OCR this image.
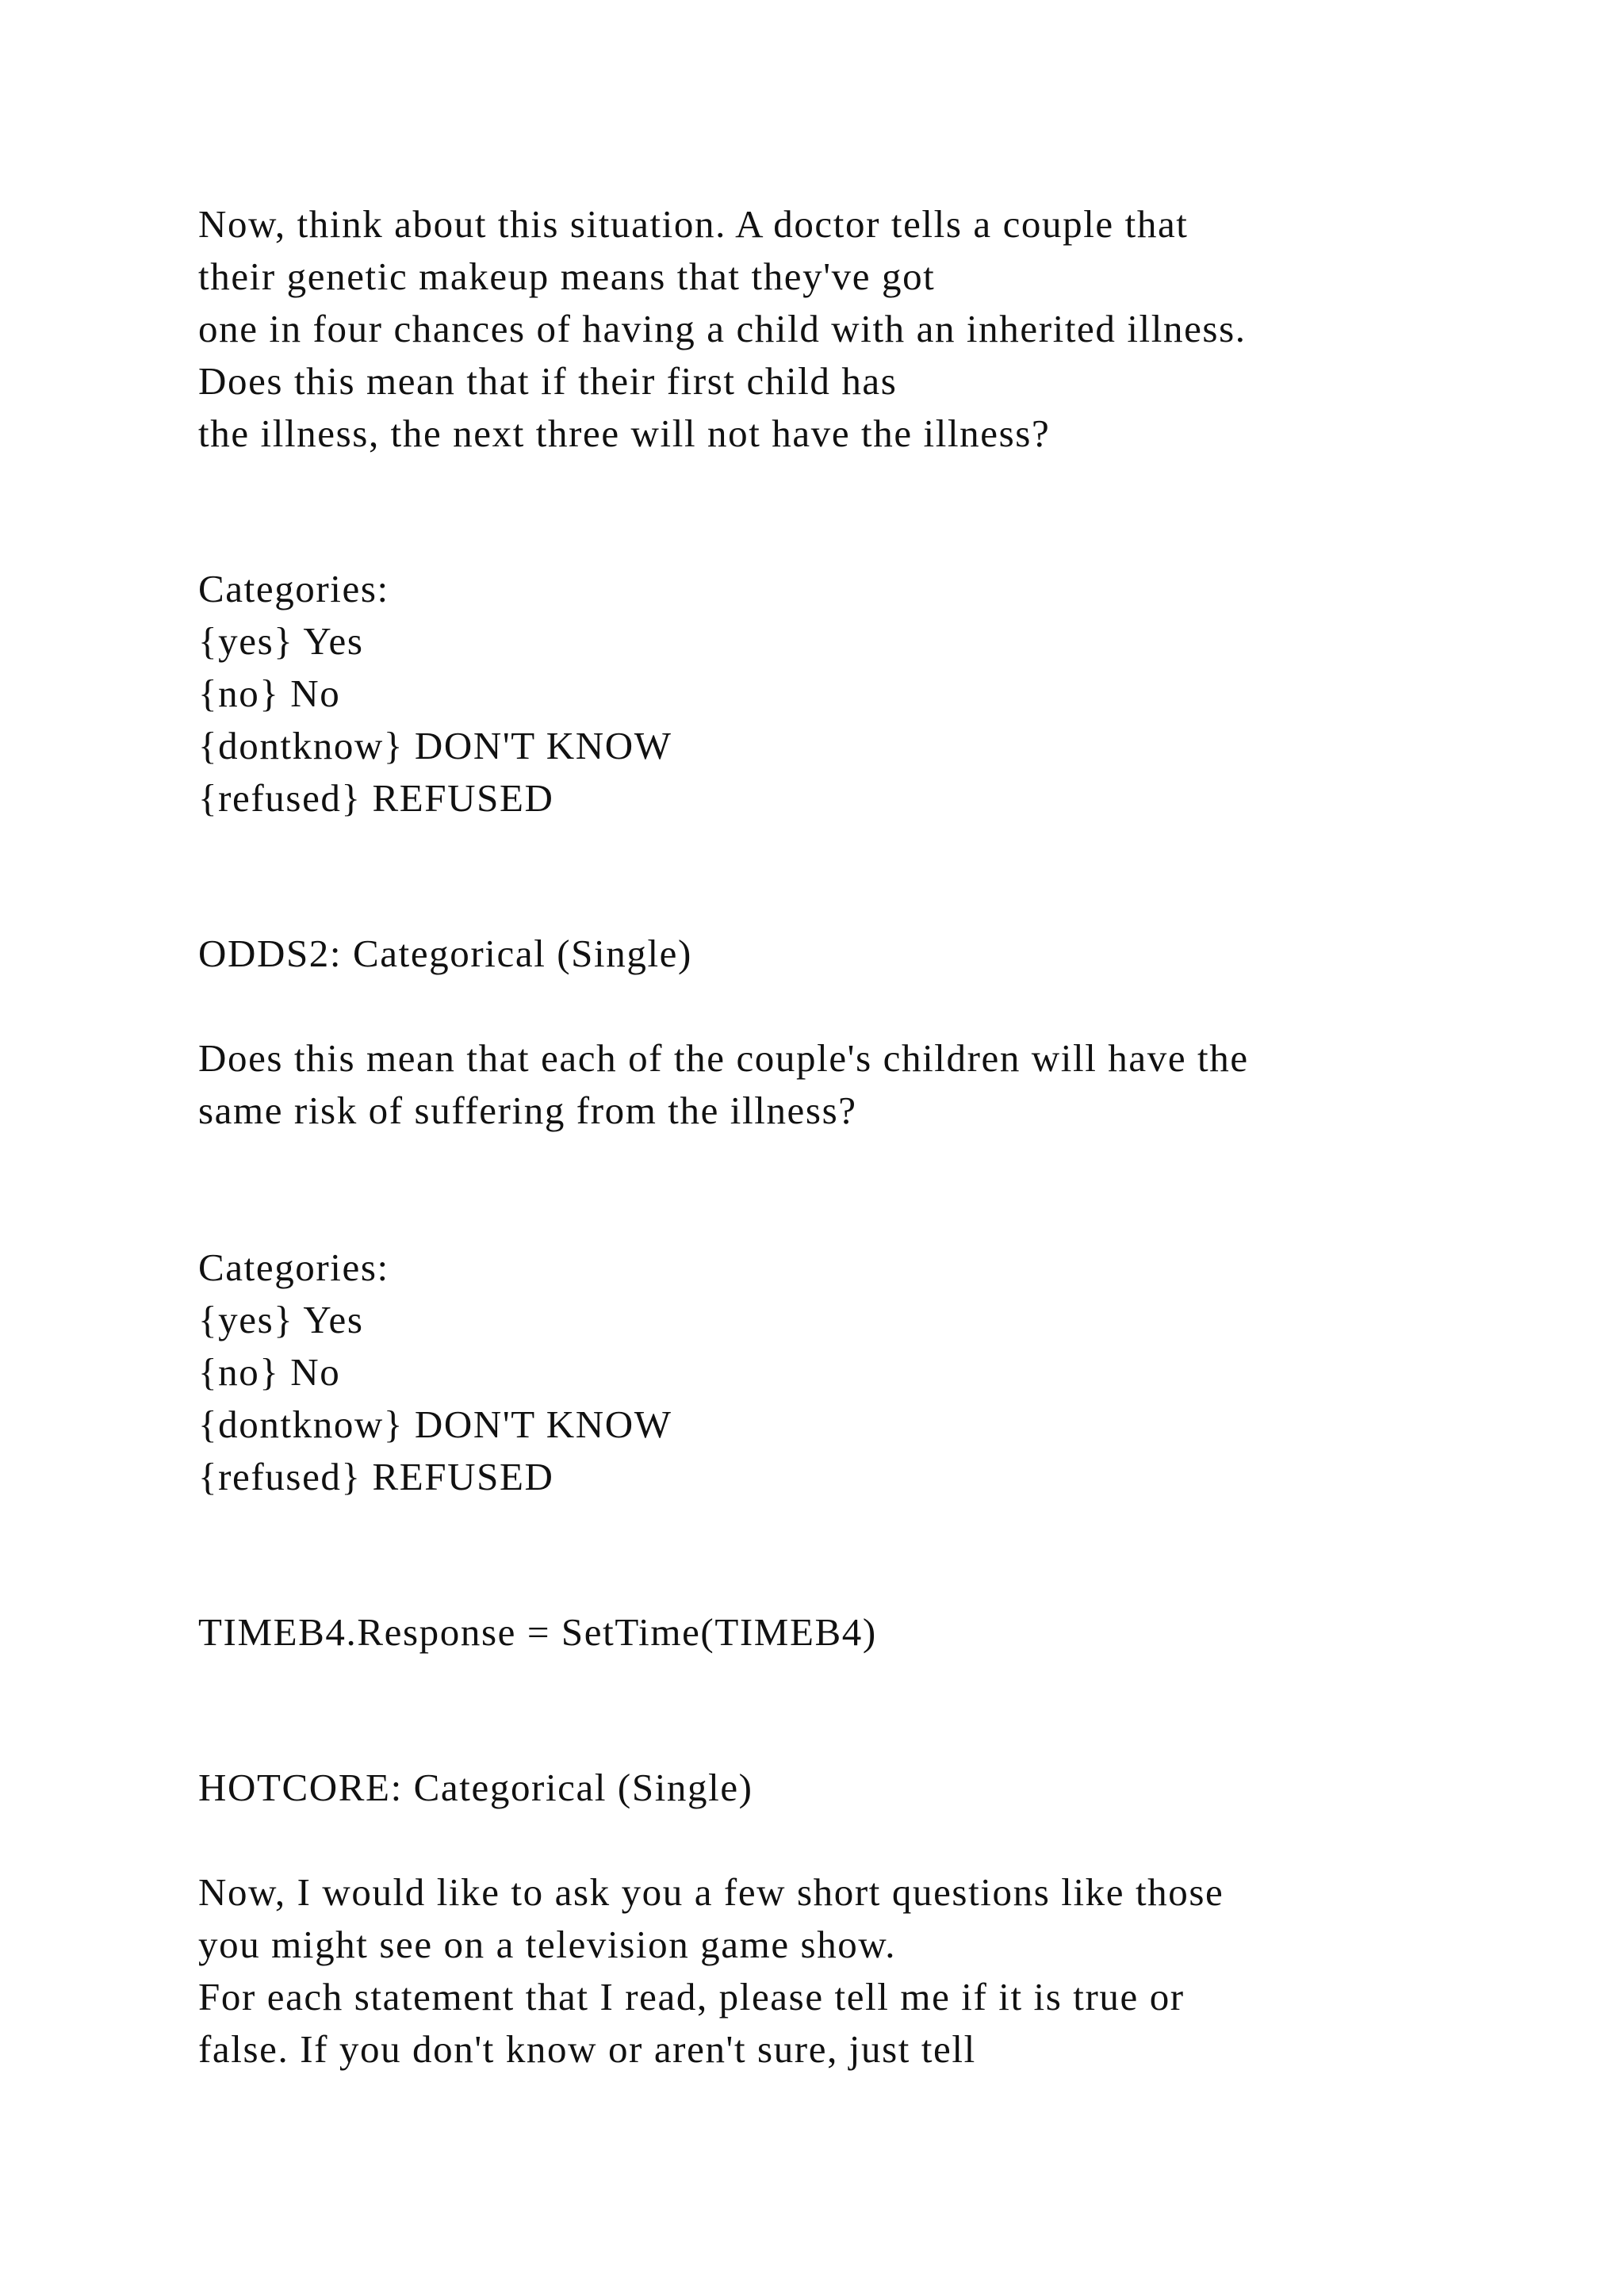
Now, think about this situation. A doctor tells a couple that

their genetic makeup means that they've got

one in four chances of having a child with an inherited illness.

Does this mean that if their first child has

the illness, the next three will not have the illness?

Categories:

{yes} Yes

{no} No

{dontknow} DON'T KNOW

{refused} REFUSED

ODDS2: Categorical (Single)

Does this mean that each of the couple's children will have the

same risk of suffering from the illness?

Categories:

{yes} Yes

{no} No

{dontknow} DON'T KNOW

{refused} REFUSED

TIMEB4.Response = SetTime(TIMEB4)

HOTCORE: Categorical (Single)

Now, I would like to ask you a few short questions like those

you might see on a television game show.

For each statement that I read, please tell me if it is true or

false. If you don't know or aren't sure, just tell
